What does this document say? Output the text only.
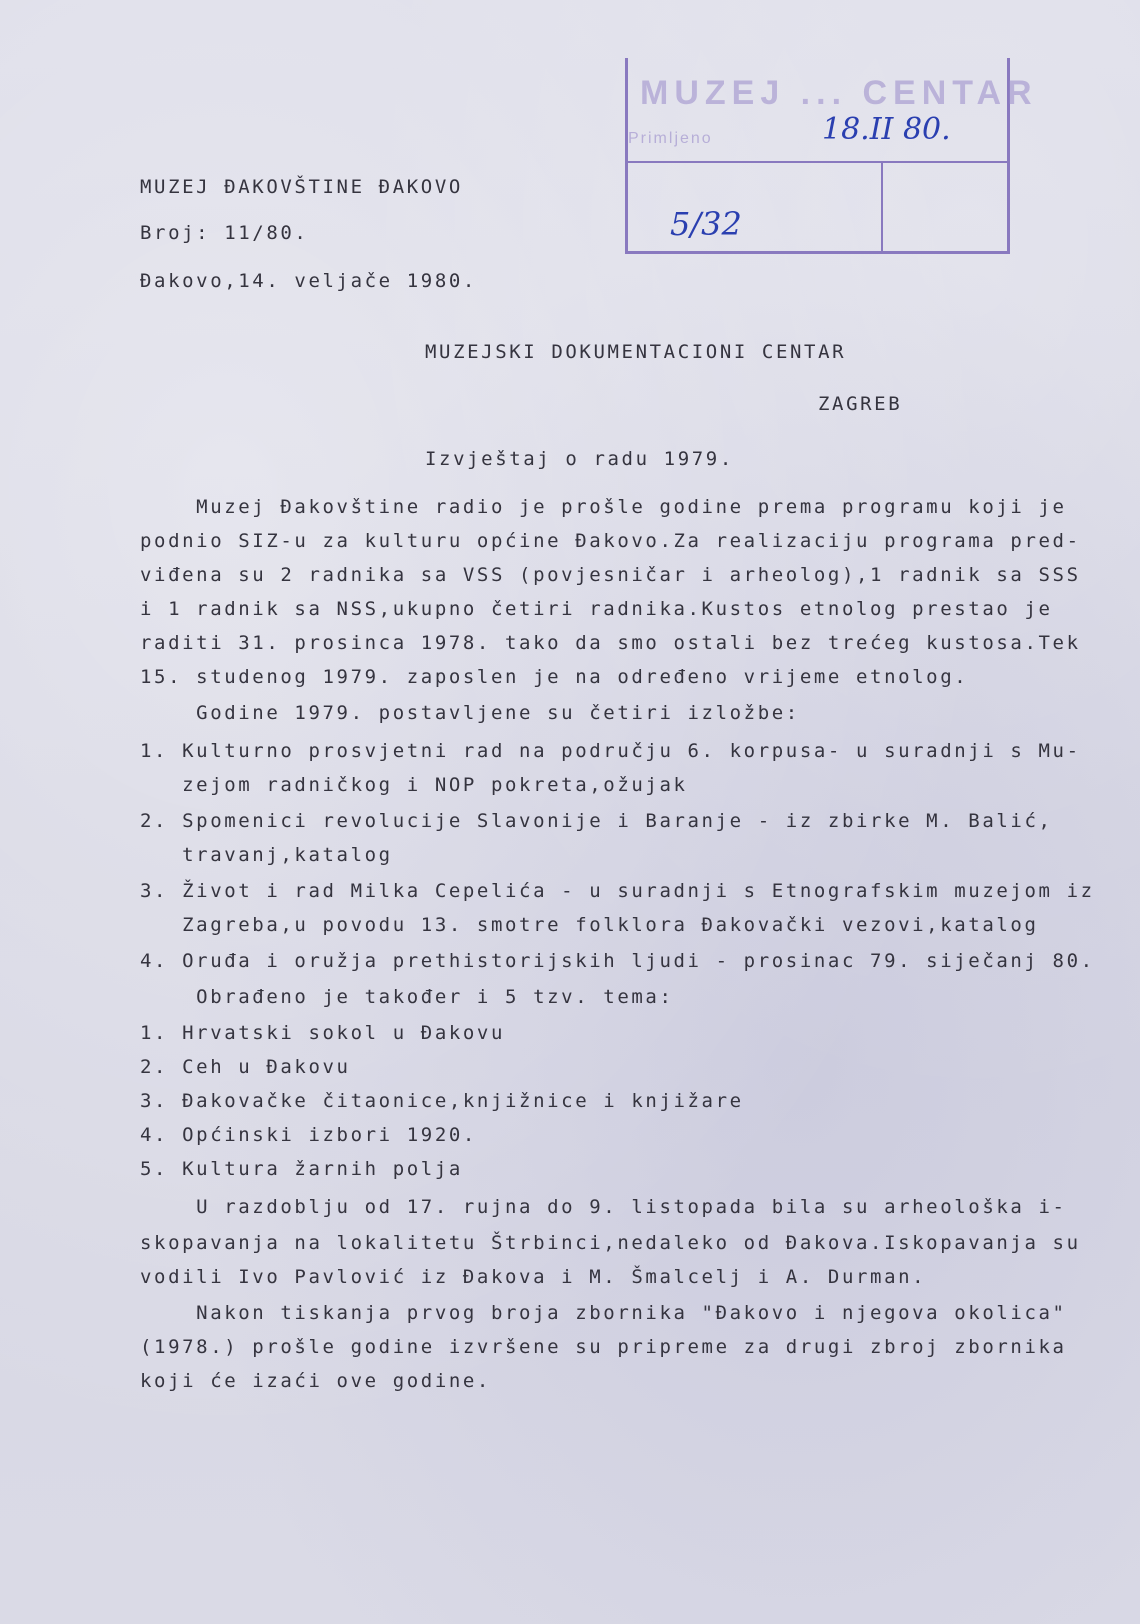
MUZEJ ... CENTAR
Primljeno	18.II 80.
5/32
MUZEJ ĐAKOVŠTINE ĐAKOVO
Broj: 11/80.
Đakovo,14. veljače 1980.
MUZEJSKI DOKUMENTACIONI CENTAR
ZAGREB
Izvještaj o radu 1979.
Muzej Đakovštine radio je prošle godine prema programu koji je
podnio SIZ-u za kulturu općine Đakovo.Za realizaciju programa pred-
viđena su 2 radnika sa VSS (povjesničar i arheolog),1 radnik sa SSS
i 1 radnik sa NSS,ukupno četiri radnika.Kustos etnolog prestao je
raditi 31. prosinca 1978. tako da smo ostali bez trećeg kustosa.Tek
15. studenog 1979. zaposlen je na određeno vrijeme etnolog.
Godine 1979. postavljene su četiri izložbe:
1. Kulturno prosvjetni rad na području 6. korpusa- u suradnji s Mu-
zejom radničkog i NOP pokreta,ožujak
2. Spomenici revolucije Slavonije i Baranje - iz zbirke M. Balić,
travanj,katalog
3. Život i rad Milka Cepelića - u suradnji s Etnografskim muzejom iz
Zagreba,u povodu 13. smotre folklora Đakovački vezovi,katalog
4. Oruđa i oružja prethistorijskih ljudi - prosinac 79. siječanj 80.
Obrađeno je također i 5 tzv. tema:
1. Hrvatski sokol u Đakovu
2. Ceh u Đakovu
3. Đakovačke čitaonice,knjižnice i knjižare
4. Općinski izbori 1920.
5. Kultura žarnih polja
U razdoblju od 17. rujna do 9. listopada bila su arheološka i-
skopavanja na lokalitetu Štrbinci,nedaleko od Đakova.Iskopavanja su
vodili Ivo Pavlović iz Đakova i M. Šmalcelj i A. Durman.
Nakon tiskanja prvog broja zbornika "Đakovo i njegova okolica"
(1978.) prošle godine izvršene su pripreme za drugi zbroj zbornika
koji će izaći ove godine.
